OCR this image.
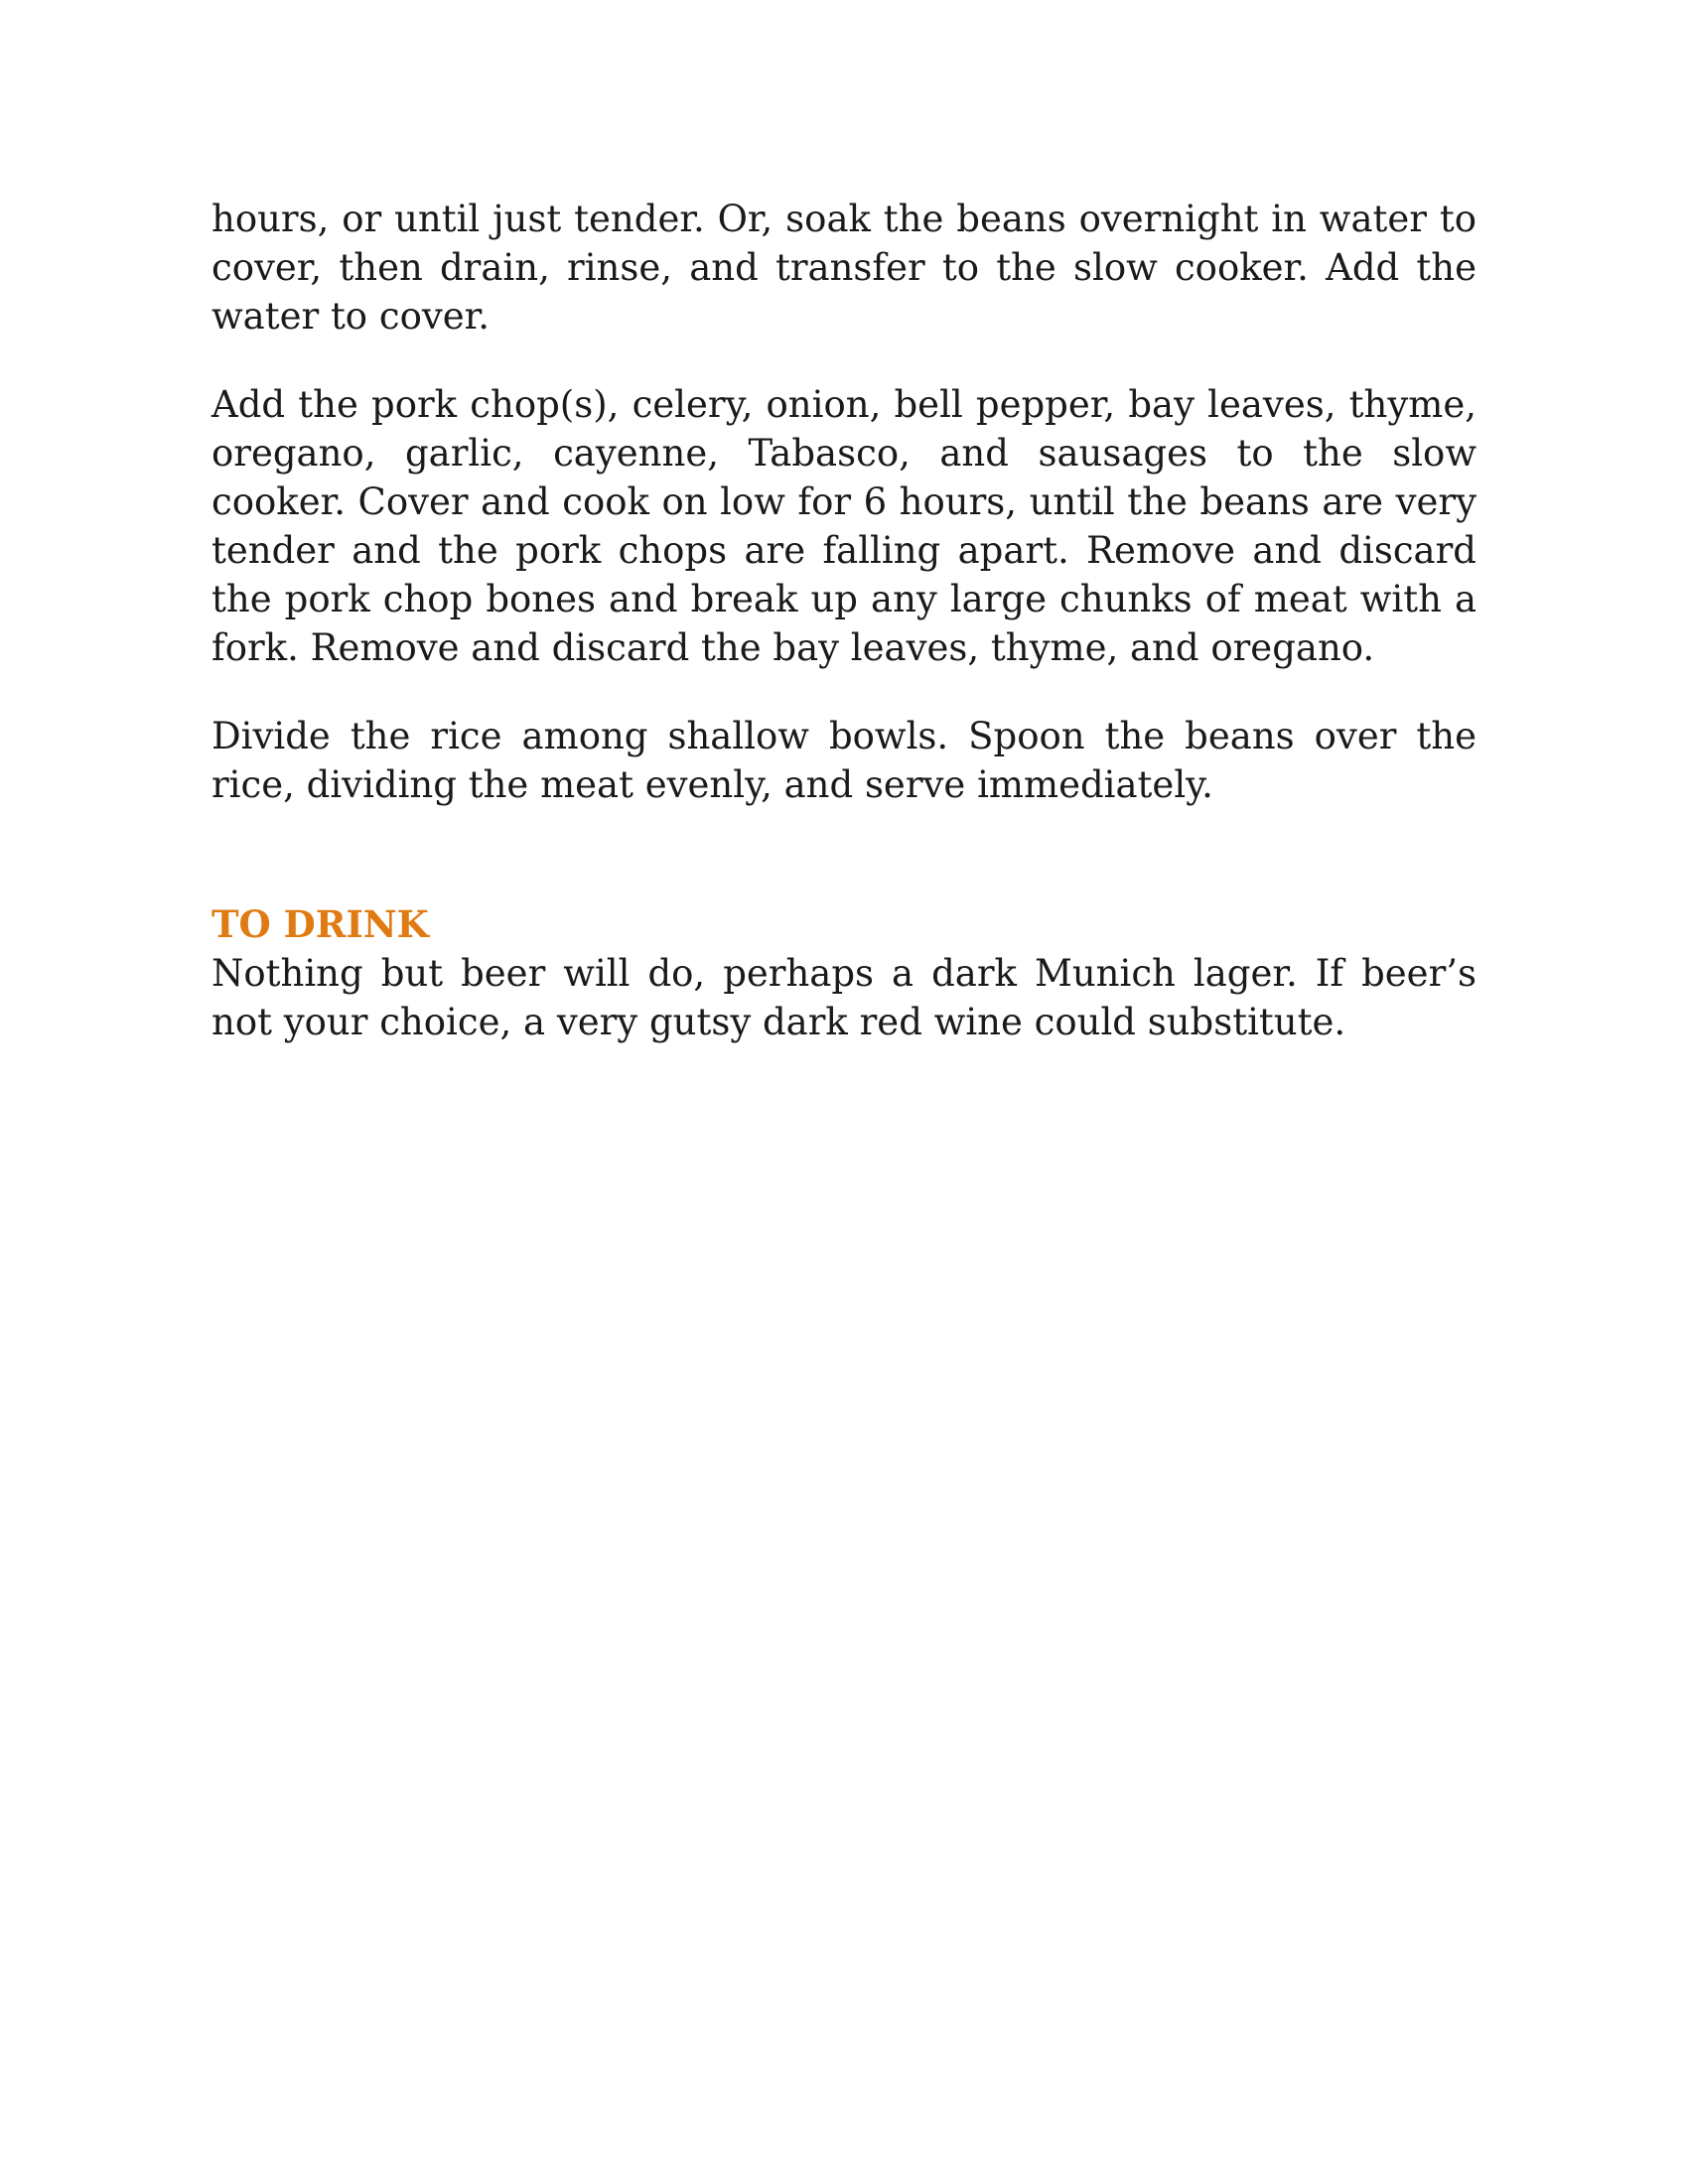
hours, or until just tender. Or, soak the beans overnight in water to cover, then drain, rinse, and transfer to the slow cooker. Add the water to cover.

Add the pork chop(s), celery, onion, bell pepper, bay leaves, thyme, oregano, garlic, cayenne, Tabasco, and sausages to the slow cooker. Cover and cook on low for 6 hours, until the beans are very tender and the pork chops are falling apart. Remove and discard the pork chop bones and break up any large chunks of meat with a fork. Remove and discard the bay leaves, thyme, and oregano.

Divide the rice among shallow bowls. Spoon the beans over the rice, dividing the meat evenly, and serve immediately.

TO DRINK

Nothing but beer will do, perhaps a dark Munich lager. If beer’s not your choice, a very gutsy dark red wine could substitute.
